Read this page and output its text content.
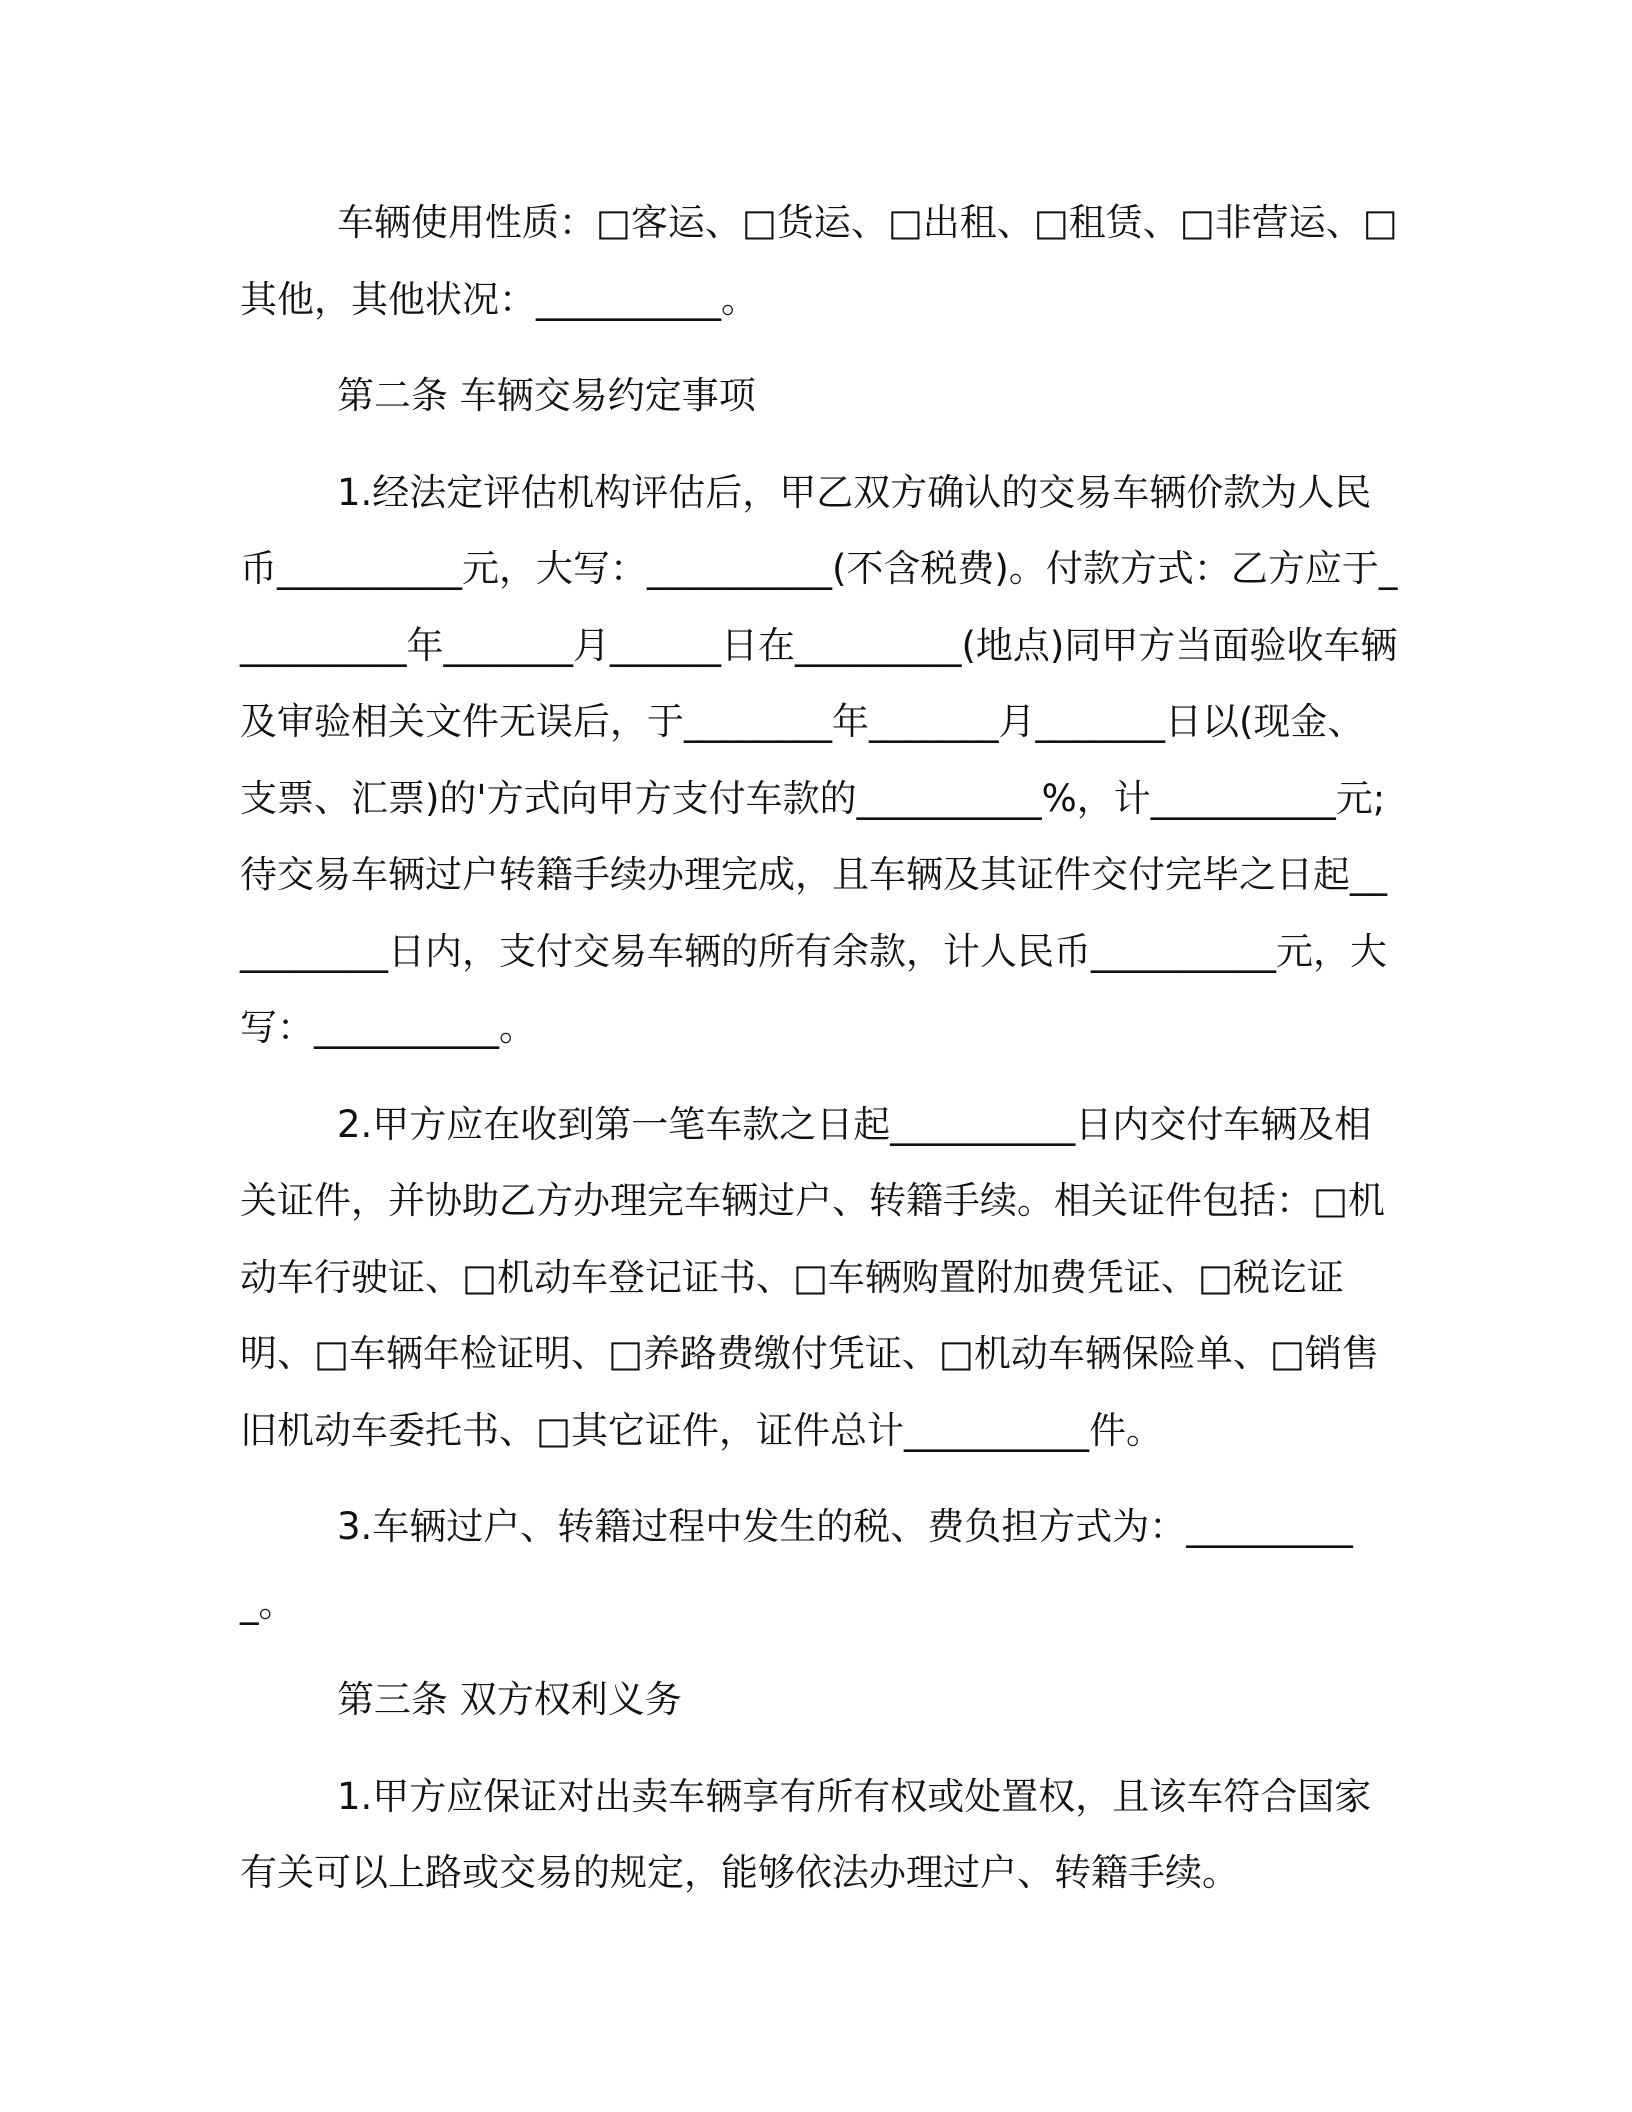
车辆使用性质：□客运、□货运、□出租、□租赁、□非营运、□其他，其他状况：__________。

第二条 车辆交易约定事项

1.经法定评估机构评估后，甲乙双方确认的交易车辆价款为人民币__________元，大写：__________(不含税费)。付款方式：乙方应于__________年_______月______日在_________(地点)同甲方当面验收车辆及审验相关文件无误后，于________年_______月_______日以(现金、支票、汇票)的'方式向甲方支付车款的__________%，计__________元;待交易车辆过户转籍手续办理完成，且车辆及其证件交付完毕之日起__________日内，支付交易车辆的所有余款，计人民币__________元，大写：__________。

2.甲方应在收到第一笔车款之日起__________日内交付车辆及相关证件，并协助乙方办理完车辆过户、转籍手续。相关证件包括：□机动车行驶证、□机动车登记证书、□车辆购置附加费凭证、□税讫证明、□车辆年检证明、□养路费缴付凭证、□机动车辆保险单、□销售旧机动车委托书、□其它证件，证件总计__________件。

3.车辆过户、转籍过程中发生的税、费负担方式为：__________。

第三条 双方权利义务

1.甲方应保证对出卖车辆享有所有权或处置权，且该车符合国家有关可以上路或交易的规定，能够依法办理过户、转籍手续。
